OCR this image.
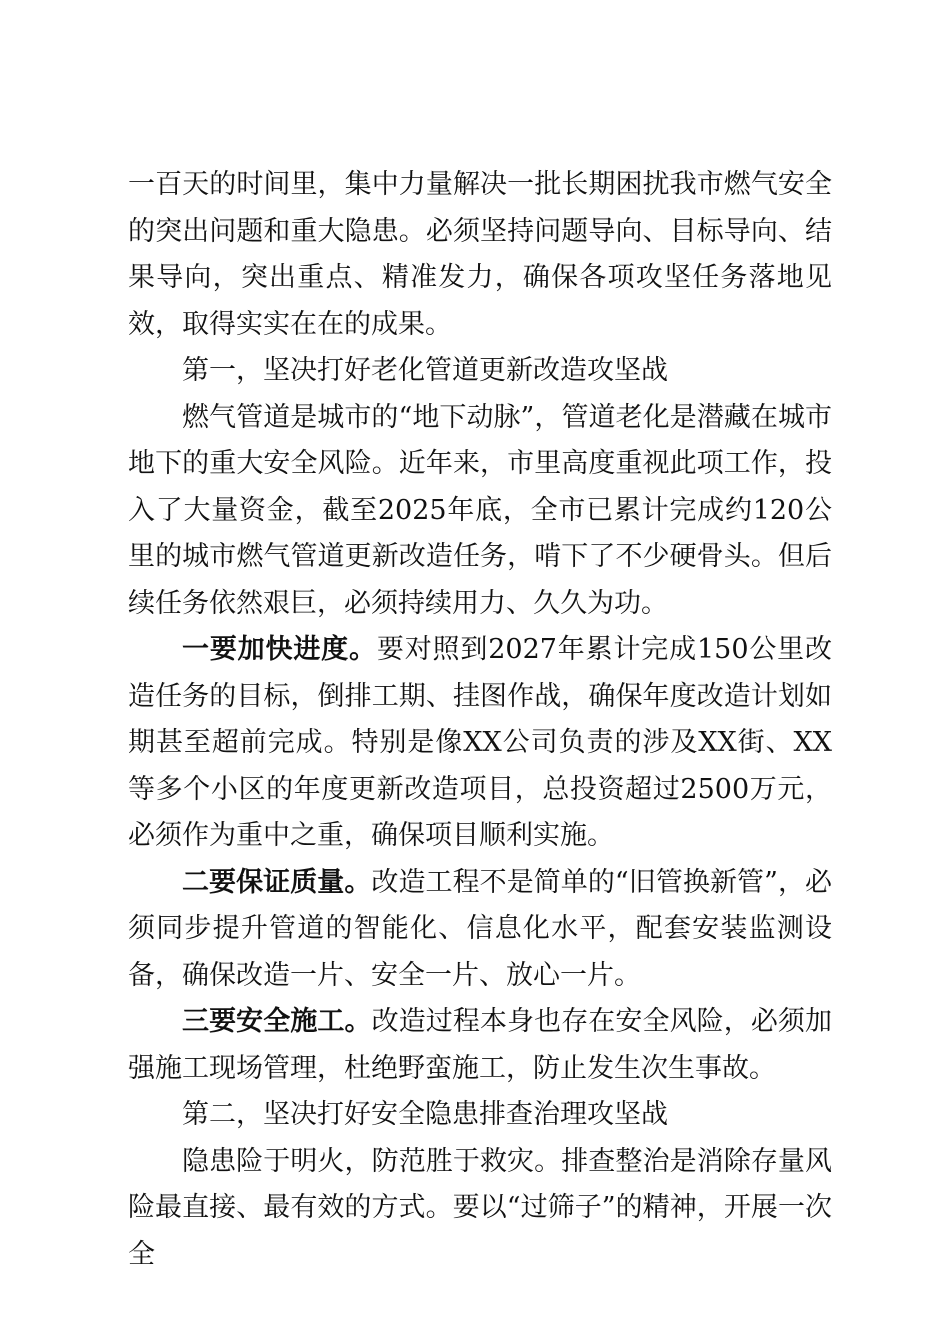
一百天的时间里，集中力量解决一批长期困扰我市燃气安全的突出问题和重大隐患。必须坚持问题导向、目标导向、结果导向，突出重点、精准发力，确保各项攻坚任务落地见效，取得实实在在的成果。

第一，坚决打好老化管道更新改造攻坚战

燃气管道是城市的“地下动脉”，管道老化是潜藏在城市地下的重大安全风险。近年来，市里高度重视此项工作，投入了大量资金，截至2025年底，全市已累计完成约120公里的城市燃气管道更新改造任务，啃下了不少硬骨头。但后续任务依然艰巨，必须持续用力、久久为功。

一要加快进度。要对照到2027年累计完成150公里改造任务的目标，倒排工期、挂图作战，确保年度改造计划如期甚至超前完成。特别是像XX公司负责的涉及XX街、XX等多个小区的年度更新改造项目，总投资超过2500万元，必须作为重中之重，确保项目顺利实施。

二要保证质量。改造工程不是简单的“旧管换新管”，必须同步提升管道的智能化、信息化水平，配套安装监测设备，确保改造一片、安全一片、放心一片。

三要安全施工。改造过程本身也存在安全风险，必须加强施工现场管理，杜绝野蛮施工，防止发生次生事故。

第二，坚决打好安全隐患排查治理攻坚战

隐患险于明火，防范胜于救灾。排查整治是消除存量风险最直接、最有效的方式。要以“过筛子”的精神，开展一次全
